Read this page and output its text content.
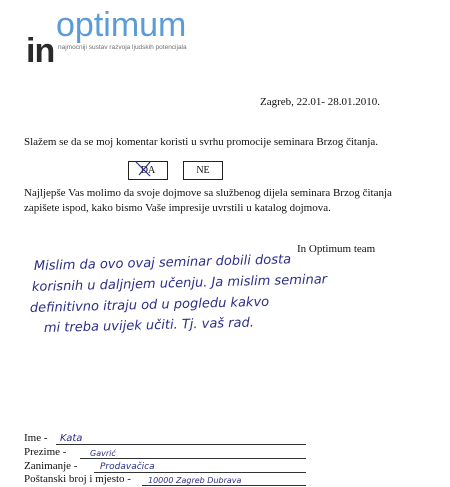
in
optimum
najmocniji sustav razvoja ljudskih potencijala
Zagreb, 22.01- 28.01.2010.
Slažem se da se moj komentar koristi u svrhu promocije seminara Brzog čitanja.
DA	NE
Najljepše Vas molimo da svoje dojmove sa službenog dijela seminara Brzog čitanja zapišete ispod, kako bismo Vaše impresije uvrstili u katalog dojmova.
In Optimum team
Mislim da ovo ovaj seminar dobili dosta
korisnih u daljnjem učenju. Ja mislim seminar
definitivno itraju od u pogledu kakvo
mi treba uvijek učiti. Tj. vaš rad.
Kata
Gavrić
Prodavačica
10000 Zagreb Dubrava
Ime -
Prezime -
Zanimanje -
Poštanski broj i mjesto -
